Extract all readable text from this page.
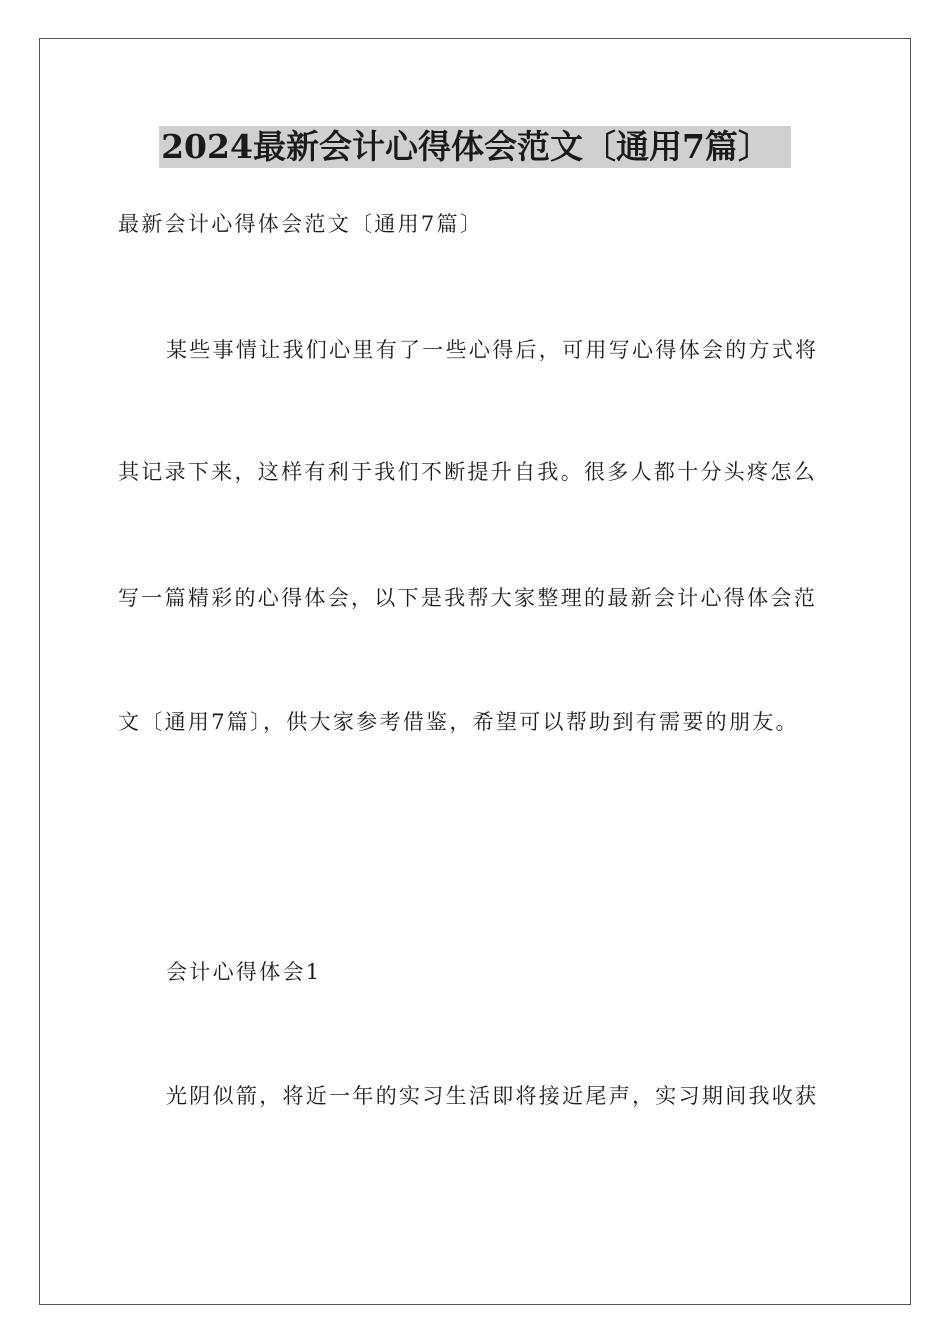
2024最新会计心得体会范文〔通用7篇〕
最新会计心得体会范文〔通用7篇〕
某些事情让我们心里有了一些心得后，可用写心得体会的方式将
其记录下来，这样有利于我们不断提升自我。很多人都十分头疼怎么
写一篇精彩的心得体会，以下是我帮大家整理的最新会计心得体会范
文〔通用7篇〕，供大家参考借鉴，希望可以帮助到有需要的朋友。
会计心得体会1
光阴似箭，将近一年的实习生活即将接近尾声，实习期间我收获
